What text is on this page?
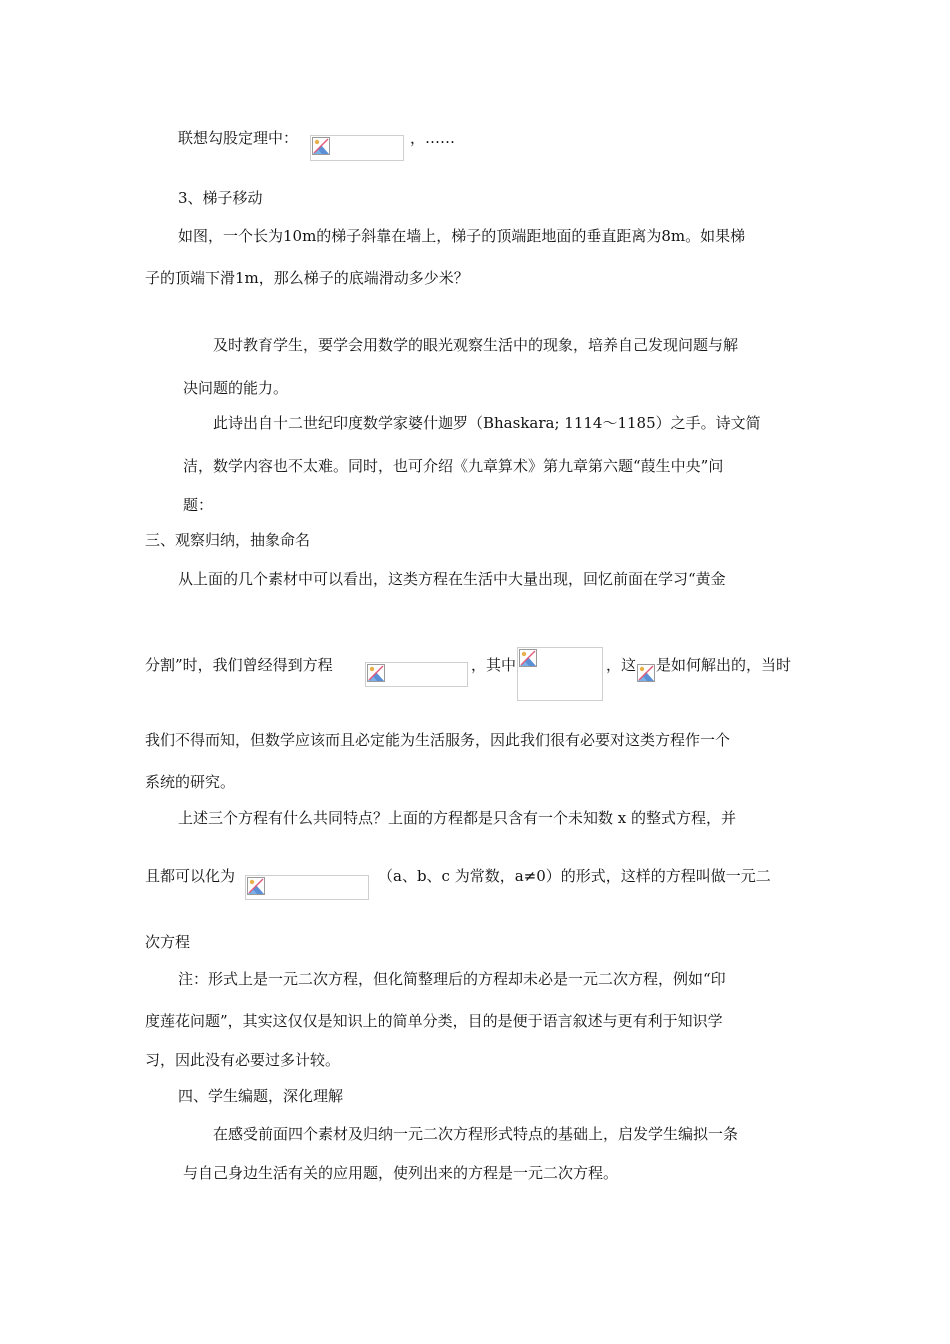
联想勾股定理中：	，……
3、梯子移动
如图，一个长为10m的梯子斜靠在墙上，梯子的顶端距地面的垂直距离为8m。如果梯
子的顶端下滑1m，那么梯子的底端滑动多少米？
及时教育学生，要学会用数学的眼光观察生活中的现象，培养自己发现问题与解
决问题的能力。
此诗出自十二世纪印度数学家婆什迦罗（Bhaskara; 1114～1185）之手。诗文简
洁，数学内容也不太难。同时，也可介绍《九章算术》第九章第六题“葭生中央”问
题：
三、观察归纳，抽象命名
从上面的几个素材中可以看出，这类方程在生活中大量出现，回忆前面在学习“黄金
分割”时，我们曾经得到方程	，其中	，这 是如何解出的，当时
我们不得而知，但数学应该而且必定能为生活服务，因此我们很有必要对这类方程作一个
系统的研究。
上述三个方程有什么共同特点？上面的方程都是只含有一个未知数 x 的整式方程，并
且都可以化为	（a、b、c 为常数，a≠0）的形式，这样的方程叫做一元二
次方程
注：形式上是一元二次方程，但化简整理后的方程却未必是一元二次方程，例如“印
度莲花问题”，其实这仅仅是知识上的简单分类，目的是便于语言叙述与更有利于知识学
习，因此没有必要过多计较。
四、学生编题，深化理解
在感受前面四个素材及归纳一元二次方程形式特点的基础上，启发学生编拟一条
与自己身边生活有关的应用题，使列出来的方程是一元二次方程。
